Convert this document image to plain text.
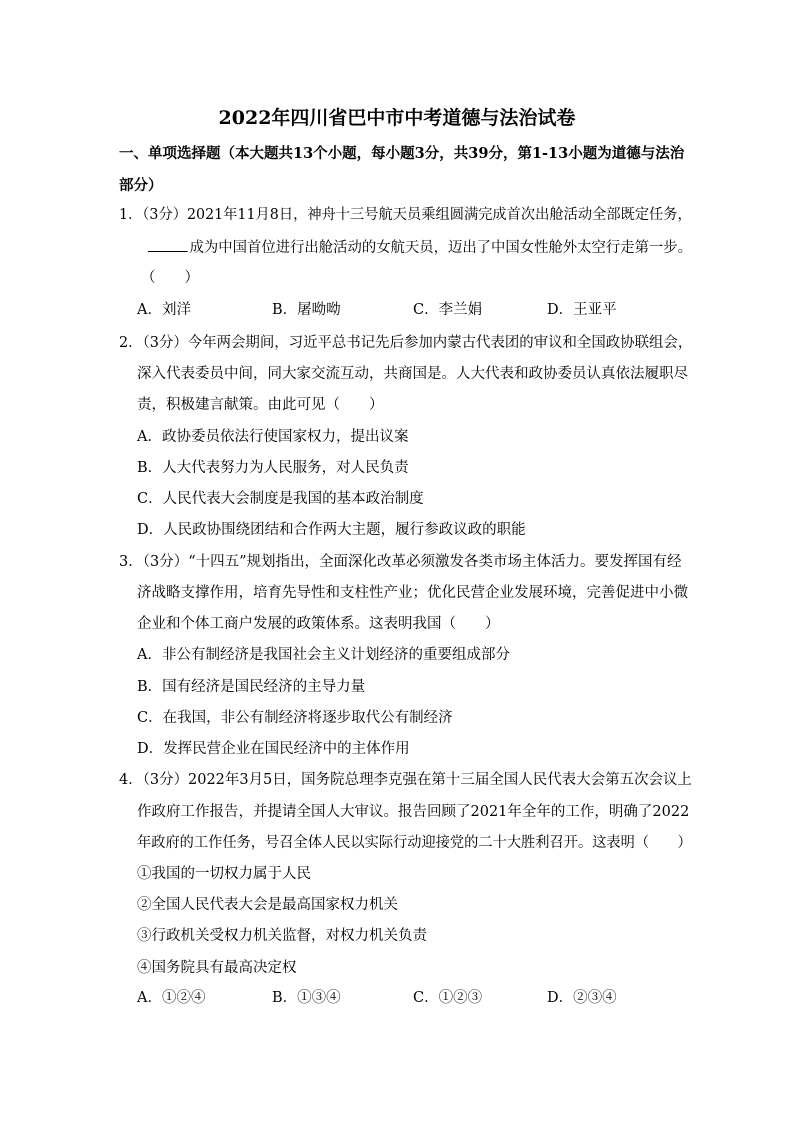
2022年四川省巴中市中考道德与法治试卷
一、单项选择题（本大题共13个小题，每小题3分，共39分，第1-13小题为道德与法治
部分）
1．（3分）2021年11月8日，神舟十三号航天员乘组圆满完成首次出舱活动全部既定任务，
成为中国首位进行出舱活动的女航天员，迈出了中国女性舱外太空行走第一步。
（　　）
A．刘洋	B．屠呦呦	C．李兰娟	D．王亚平
2．（3分）今年两会期间，习近平总书记先后参加内蒙古代表团的审议和全国政协联组会，
深入代表委员中间，同大家交流互动，共商国是。人大代表和政协委员认真依法履职尽
责，积极建言献策。由此可见（　　）
A．政协委员依法行使国家权力，提出议案
B．人大代表努力为人民服务，对人民负责
C．人民代表大会制度是我国的基本政治制度
D．人民政协围绕团结和合作两大主题，履行参政议政的职能
3．（3分）“十四五”规划指出，全面深化改革必须激发各类市场主体活力。要发挥国有经
济战略支撑作用，培育先导性和支柱性产业；优化民营企业发展环境，完善促进中小微
企业和个体工商户发展的政策体系。这表明我国（　　）
A．非公有制经济是我国社会主义计划经济的重要组成部分
B．国有经济是国民经济的主导力量
C．在我国，非公有制经济将逐步取代公有制经济
D．发挥民营企业在国民经济中的主体作用
4．（3分）2022年3月5日，国务院总理李克强在第十三届全国人民代表大会第五次会议上
作政府工作报告，并提请全国人大审议。报告回顾了2021年全年的工作，明确了2022
年政府的工作任务，号召全体人民以实际行动迎接党的二十大胜利召开。这表明（　　）
①我国的一切权力属于人民
②全国人民代表大会是最高国家权力机关
③行政机关受权力机关监督，对权力机关负责
④国务院具有最高决定权
A．①②④	B．①③④	C．①②③	D．②③④
